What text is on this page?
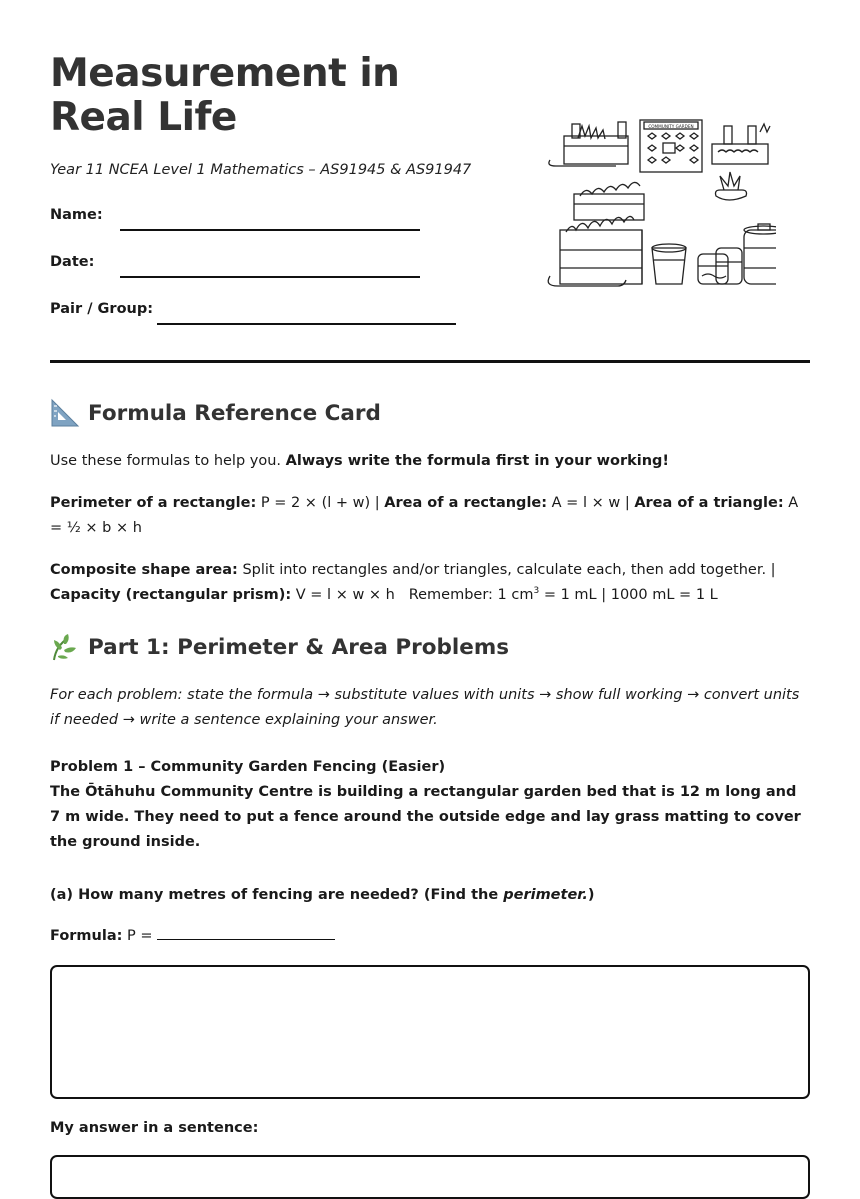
Measurement in Real Life
Year 11 NCEA Level 1 Mathematics – AS91945 & AS91947
Name:
Date:
Pair / Group:
COMMUNITY GARDEN
Formula Reference Card
Use these formulas to help you. Always write the formula first in your working!
Perimeter of a rectangle: P = 2 × (l + w) | Area of a rectangle: A = l × w | Area of a triangle: A = ½ × b × h
Composite shape area: Split into rectangles and/or triangles, calculate each, then add together. |
Capacity (rectangular prism): V = l × w × h Remember: 1 $cm^3 = 1$ mL | 1000 mL = 1 L
Part 1: Perimeter & Area Problems
For each problem: state the formula → substitute values with units → show full working → convert units if needed → write a sentence explaining your answer.
Problem 1 – Community Garden Fencing (Easier)
The Ōtāhuhu Community Centre is building a rectangular garden bed that is 12 m long and 7 m wide. They need to put a fence around the outside edge and lay grass matting to cover the ground inside.
(a) How many metres of fencing are needed? (Find the perimeter.)
Formula: P =
My answer in a sentence:
